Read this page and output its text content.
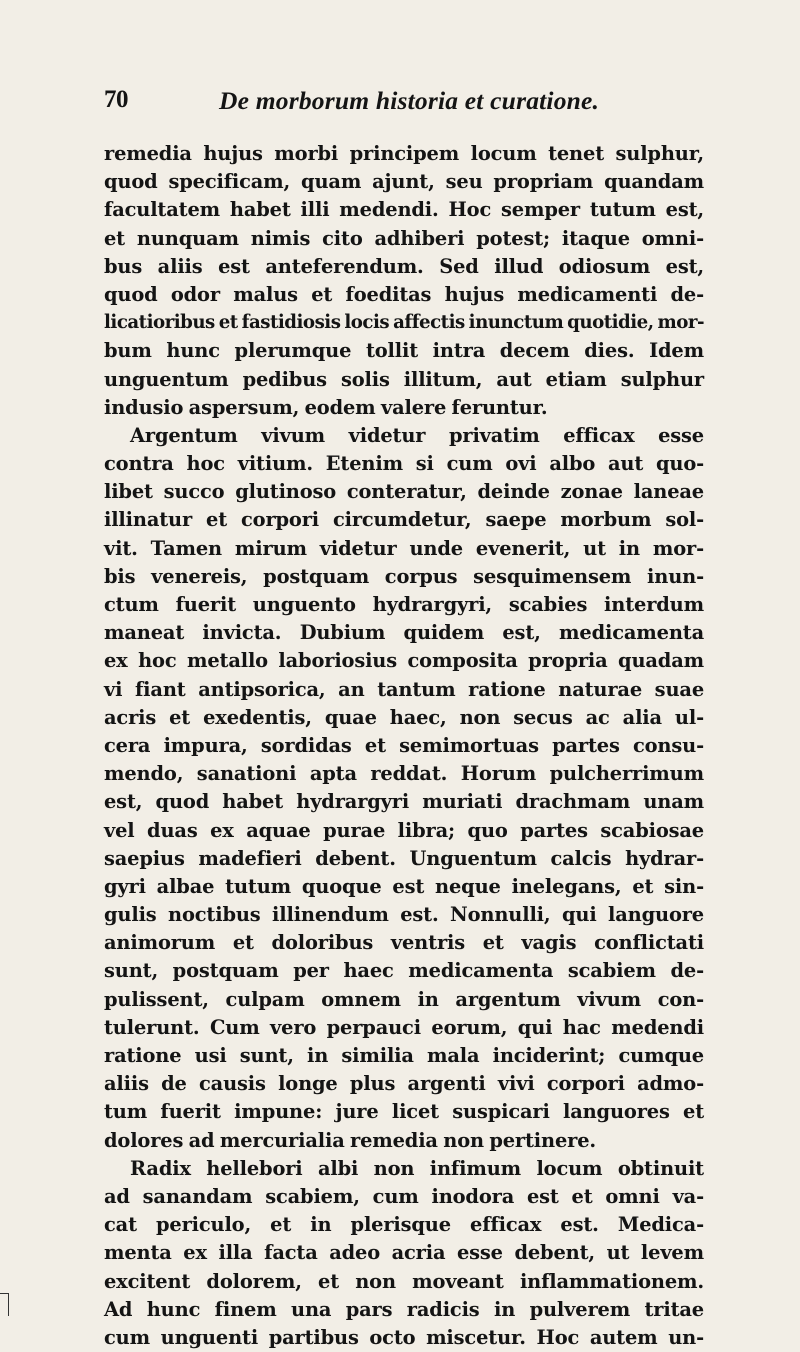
70	De morborum historia et curatione.
remedia hujus morbi principem locum tenet sulphur,
quod specificam, quam ajunt, seu propriam quandam
facultatem habet illi medendi. Hoc semper tutum est,
et nunquam nimis cito adhiberi potest; itaque omni-
bus aliis est anteferendum. Sed illud odiosum est,
quod odor malus et foeditas hujus medicamenti de-
licatioribus et fastidiosis locis affectis inunctum quotidie, mor-
bum hunc plerumque tollit intra decem dies. Idem
unguentum pedibus solis illitum, aut etiam sulphur
indusio aspersum, eodem valere feruntur.
Argentum vivum videtur privatim efficax esse
contra hoc vitium. Etenim si cum ovi albo aut quo-
libet succo glutinoso conteratur, deinde zonae laneae
illinatur et corpori circumdetur, saepe morbum sol-
vit. Tamen mirum videtur unde evenerit, ut in mor-
bis venereis, postquam corpus sesquimensem inun-
ctum fuerit unguento hydrargyri, scabies interdum
maneat invicta. Dubium quidem est, medicamenta
ex hoc metallo laboriosius composita propria quadam
vi fiant antipsorica, an tantum ratione naturae suae
acris et exedentis, quae haec, non secus ac alia ul-
cera impura, sordidas et semimortuas partes consu-
mendo, sanationi apta reddat. Horum pulcherrimum
est, quod habet hydrargyri muriati drachmam unam
vel duas ex aquae purae libra; quo partes scabiosae
saepius madefieri debent. Unguentum calcis hydrar-
gyri albae tutum quoque est neque inelegans, et sin-
gulis noctibus illinendum est. Nonnulli, qui languore
animorum et doloribus ventris et vagis conflictati
sunt, postquam per haec medicamenta scabiem de-
pulissent, culpam omnem in argentum vivum con-
tulerunt. Cum vero perpauci eorum, qui hac medendi
ratione usi sunt, in similia mala inciderint; cumque
aliis de causis longe plus argenti vivi corpori admo-
tum fuerit impune: jure licet suspicari languores et
dolores ad mercurialia remedia non pertinere.
Radix hellebori albi non infimum locum obtinuit
ad sanandam scabiem, cum inodora est et omni va-
cat periculo, et in plerisque efficax est. Medica-
menta ex illa facta adeo acria esse debent, ut levem
excitent dolorem, et non moveant inflammationem.
Ad hunc finem una pars radicis in pulverem tritae
cum unguenti partibus octo miscetur. Hoc autem un-
